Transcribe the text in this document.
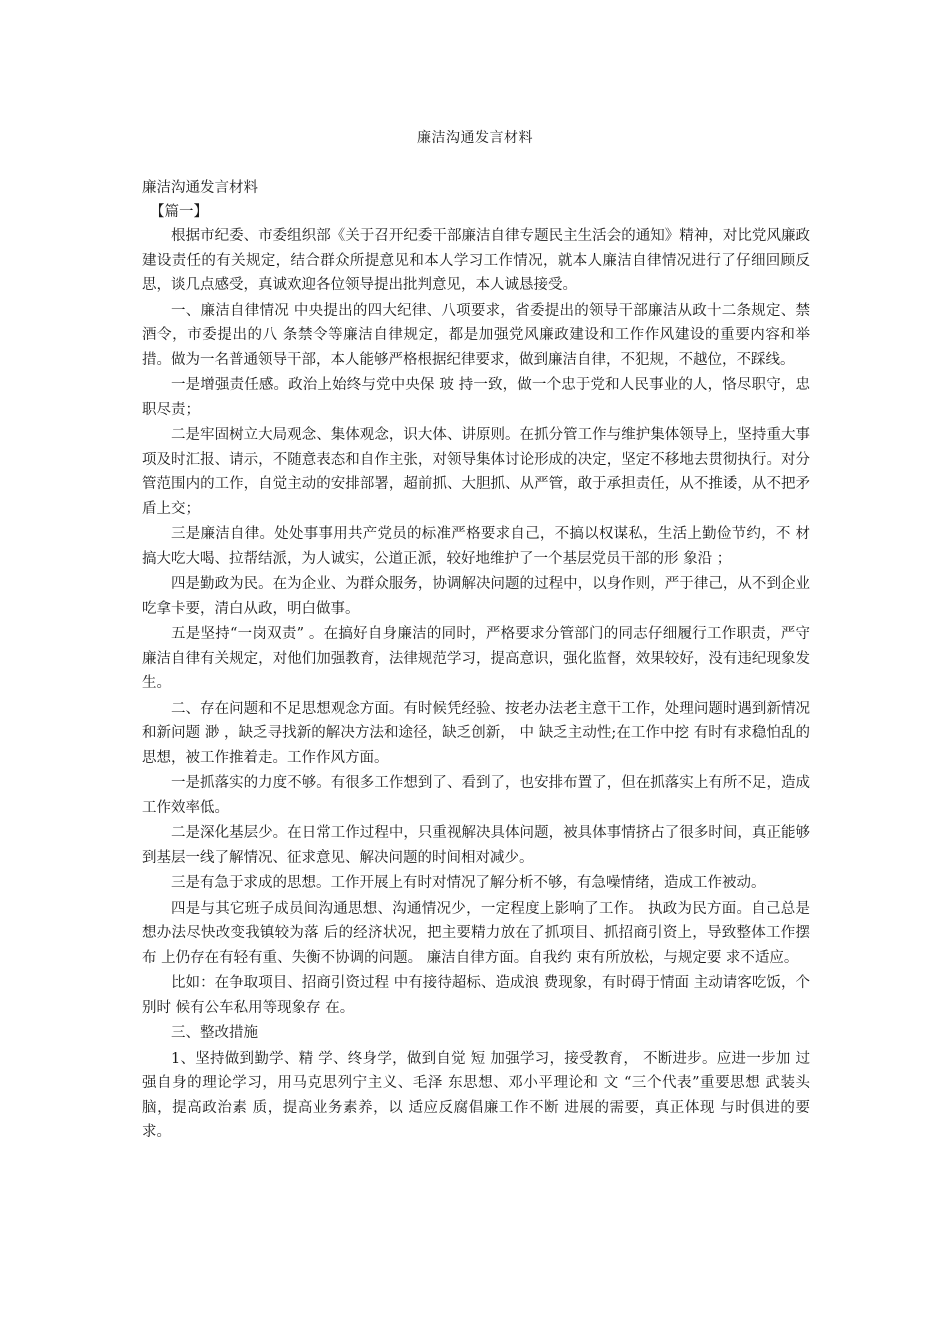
廉洁沟通发言材料

廉洁沟通发言材料

【篇一】

根据市纪委、市委组织部《关于召开纪委干部廉洁自律专题民主生活会的通知》精神，对比党风廉政建设责任的有关规定，结合群众所提意见和本人学习工作情况，就本人廉洁自律情况进行了仔细回顾反思，谈几点感受，真诚欢迎各位领导提出批判意见，本人诚恳接受。

一、廉洁自律情况 中央提出的四大纪律、八项要求，省委提出的领导干部廉洁从政十二条规定、禁酒令，市委提出的八 条禁令等廉洁自律规定，都是加强党风廉政建设和工作作风建设的重要内容和举措。做为一名普通领导干部，本人能够严格根据纪律要求，做到廉洁自律，不犯规，不越位，不踩线。

一是增强责任感。政治上始终与党中央保 玻 持一致，做一个忠于党和人民事业的人，恪尽职守，忠职尽责；

二是牢固树立大局观念、集体观念，识大体、讲原则。在抓分管工作与维护集体领导上，坚持重大事项及时汇报、请示，不随意表态和自作主张，对领导集体讨论形成的决定，坚定不移地去贯彻执行。对分管范围内的工作，自觉主动的安排部署，超前抓、大胆抓、从严管，敢于承担责任，从不推诿，从不把矛盾上交；

三是廉洁自律。处处事事用共产党员的标准严格要求自己，不搞以权谋私，生活上勤俭节约，不 材 搞大吃大喝、拉帮结派，为人诚实，公道正派，较好地维护了一个基层党员干部的形 象沿 ；

四是勤政为民。在为企业、为群众服务，协调解决问题的过程中，以身作则，严于律己，从不到企业吃拿卡要，清白从政，明白做事。

五是坚持“一岗双责” 。在搞好自身廉洁的同时，严格要求分管部门的同志仔细履行工作职责，严守廉洁自律有关规定，对他们加强教育，法律规范学习，提高意识，强化监督，效果较好，没有违纪现象发生。

二、存在问题和不足思想观念方面。有时候凭经验、按老办法老主意干工作，处理问题时遇到新情况和新问题 渺 ，缺乏寻找新的解决方法和途径，缺乏创新， 中 缺乏主动性;在工作中挖 有时有求稳怕乱的思想，被工作推着走。工作作风方面。

一是抓落实的力度不够。有很多工作想到了、看到了，也安排布置了，但在抓落实上有所不足，造成工作效率低。

二是深化基层少。在日常工作过程中，只重视解决具体问题，被具体事情挤占了很多时间，真正能够到基层一线了解情况、征求意见、解决问题的时间相对减少。

三是有急于求成的思想。工作开展上有时对情况了解分析不够，有急噪情绪，造成工作被动。

四是与其它班子成员间沟通思想、沟通情况少，一定程度上影响了工作。 执政为民方面。自己总是想办法尽快改变我镇较为落 后的经济状况，把主要精力放在了抓项目、抓招商引资上，导致整体工作摆布 上仍存在有轻有重、失衡不协调的问题。 廉洁自律方面。自我约 束有所放松，与规定要 求不适应。

比如：在争取项目、招商引资过程 中有接待超标、造成浪 费现象，有时碍于情面 主动请客吃饭，个别时 候有公车私用等现象存 在。

三、整改措施

1、坚持做到勤学、精 学、终身学，做到自觉 短 加强学习，接受教育， 不断进步。应进一步加 过 强自身的理论学习，用马克思列宁主义、毛泽 东思想、邓小平理论和 文 “三个代表”重要思想 武装头脑，提高政治素 质，提高业务素养，以 适应反腐倡廉工作不断 进展的需要，真正体现 与时俱进的要求。
